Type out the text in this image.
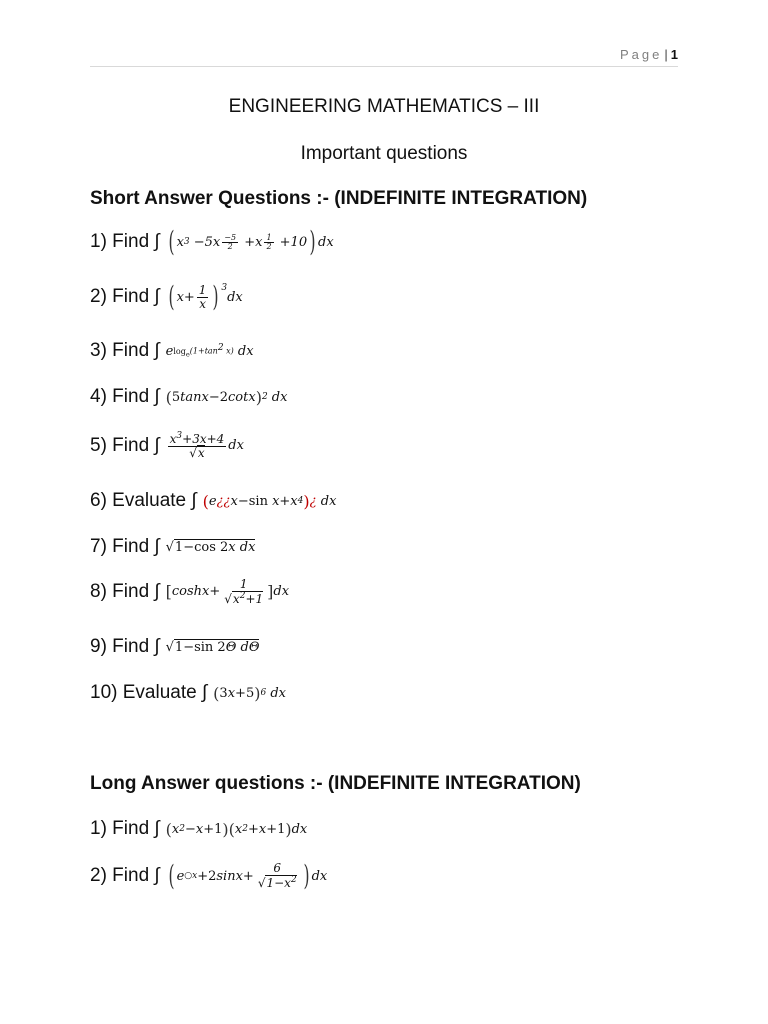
Page | 1
ENGINEERING MATHEMATICS – III
Important questions
Short Answer Questions :- (INDEFINITE INTEGRATION)
1) Find ∫ ( x $3 -5x \frac{-5}{2} +x \frac{1}{2} +10$ ) dx
2) Find ∫ ( $x+ \frac{1}{x}$ ) $^3$
dx
3) Find ∫ e $\log_e(1+\tan^2$ x) dx
4) Find ∫ ( 5 tanx −2 cotx ) 2 dx
5) Find ∫ $\frac{x^3+3x+4}{√x}$ dx
6) Evaluate ∫ ( e ¿¿ x− sin x+x 4 ) ¿ dx
7) Find ∫ √ 1−cos 2x dx
8) Find ∫ [ $\cosh x+ \frac{1}{√x^2+1}$ ] dx
9) Find ∫ √ 1−sin 2Θ dΘ
10) Evaluate ∫ ( 3 x +5 ) 6 dx
Long Answer questions :- (INDEFINITE INTEGRATION)
1) Find ∫ ( x 2 − x +1 )( x 2 + x +1 ) dx
2) Find ∫ ( e ○x +2 $\sin x+ \frac{6}{√1-x^2}$ ) dx
